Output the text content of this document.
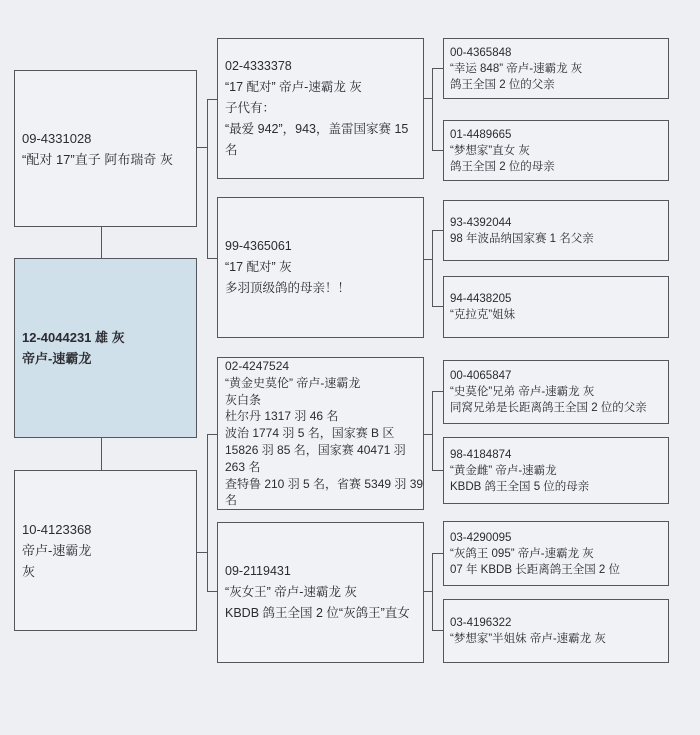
09-4331028
“配对 17”直子 阿布瑞奇 灰
12-4044231 雄 灰
帝卢-速霸龙
10-4123368
帝卢-速霸龙
灰
02-4333378
“17 配对” 帝卢-速霸龙 灰
子代有：
“最爱 942”，943，盖雷国家赛 15
名
99-4365061
“17 配对” 灰
多羽顶级鸽的母亲！！
02-4247524
“黄金史莫伦” 帝卢-速霸龙
灰白条
杜尔丹 1317 羽 46 名
波治 1774 羽 5 名，国家赛 B 区
15826 羽 85 名，国家赛 40471 羽
263 名
查特鲁 210 羽 5 名，省赛 5349 羽 39
名
09-2119431
“灰女王” 帝卢-速霸龙 灰
KBDB 鸽王全国 2 位“灰鸽王”直女
00-4365848
“幸运 848” 帝卢-速霸龙 灰
鸽王全国 2 位的父亲
01-4489665
“梦想家”直女 灰
鸽王全国 2 位的母亲
93-4392044
98 年波品纳国家赛 1 名父亲
94-4438205
“克拉克”姐妹
00-4065847
“史莫伦”兄弟 帝卢-速霸龙 灰
同窝兄弟是长距离鸽王全国 2 位的父亲
98-4184874
“黄金雌” 帝卢-速霸龙
KBDB 鸽王全国 5 位的母亲
03-4290095
“灰鸽王 095” 帝卢-速霸龙 灰
07 年 KBDB 长距离鸽王全国 2 位
03-4196322
“梦想家”半姐妹 帝卢-速霸龙 灰
